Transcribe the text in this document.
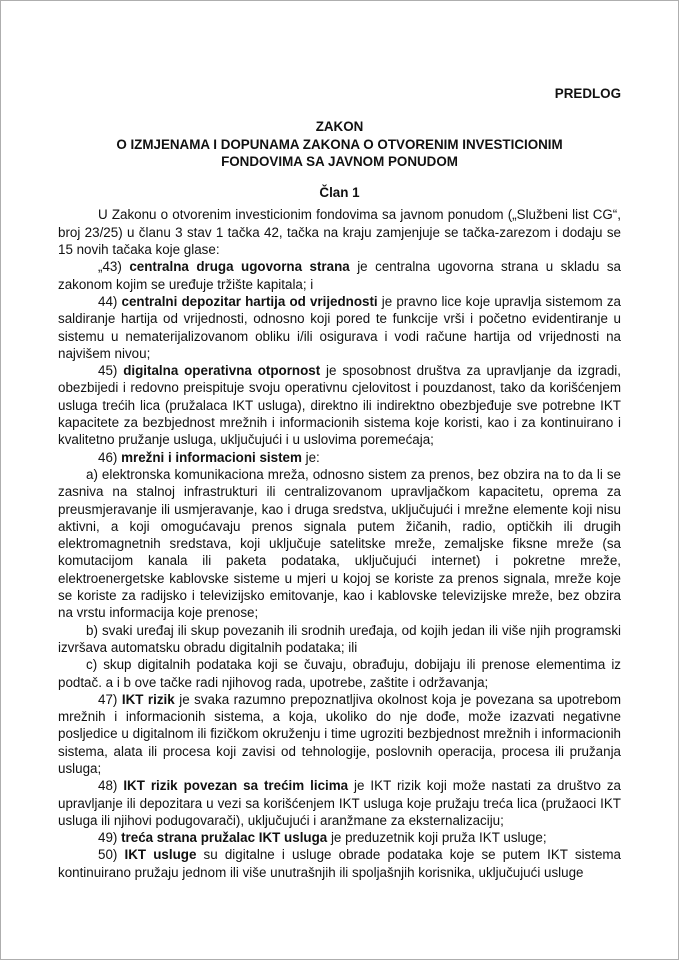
PREDLOG
ZAKON
O IZMJENAMA I DOPUNAMA ZAKONA O OTVORENIM INVESTICIONIM
FONDOVIMA SA JAVNOM PONUDOM
Član 1

U Zakonu o otvorenim investicionim fondovima sa javnom ponudom („Službeni list CG“, broj 23/25) u članu 3 stav 1 tačka 42, tačka na kraju zamjenjuje se tačka-zarezom i dodaju se 15 novih tačaka koje glase:

„43) centralna druga ugovorna strana je centralna ugovorna strana u skladu sa zakonom kojim se uređuje tržište kapitala; i

44) centralni depozitar hartija od vrijednosti je pravno lice koje upravlja sistemom za saldiranje hartija od vrijednosti, odnosno koji pored te funkcije vrši i početno evidentiranje u sistemu u nematerijalizovanom obliku i/ili osigurava i vodi račune hartija od vrijednosti na najvišem nivou;

45) digitalna operativna otpornost je sposobnost društva za upravljanje da izgradi, obezbijedi i redovno preispituje svoju operativnu cjelovitost i pouzdanost, tako da korišćenjem usluga trećih lica (pružalaca IKT usluga), direktno ili indirektno obezbjeđuje sve potrebne IKT kapacitete za bezbjednost mrežnih i informacionih sistema koje koristi, kao i za kontinuirano i kvalitetno pružanje usluga, uključujući i u uslovima poremećaja;

46) mrežni i informacioni sistem je:

a) elektronska komunikaciona mreža, odnosno sistem za prenos, bez obzira na to da li se zasniva na stalnoj infrastrukturi ili centralizovanom upravljačkom kapacitetu, oprema za preusmjeravanje ili usmjeravanje, kao i druga sredstva, uključujući i mrežne elemente koji nisu aktivni, a koji omogućavaju prenos signala putem žičanih, radio, optičkih ili drugih elektromagnetnih sredstava, koji uključuje satelitske mreže, zemaljske fiksne mreže (sa komutacijom kanala ili paketa podataka, uključujući internet) i pokretne mreže, elektroenergetske kablovske sisteme u mjeri u kojoj se koriste za prenos signala, mreže koje se koriste za radijsko i televizijsko emitovanje, kao i kablovske televizijske mreže, bez obzira na vrstu informacija koje prenose;

b) svaki uređaj ili skup povezanih ili srodnih uređaja, od kojih jedan ili više njih programski izvršava automatsku obradu digitalnih podataka; ili

c) skup digitalnih podataka koji se čuvaju, obrađuju, dobijaju ili prenose elementima iz podtač. a i b ove tačke radi njihovog rada, upotrebe, zaštite i održavanja;

47) IKT rizik je svaka razumno prepoznatljiva okolnost koja je povezana sa upotrebom mrežnih i informacionih sistema, a koja, ukoliko do nje dođe, može izazvati negativne posljedice u digitalnom ili fizičkom okruženju i time ugroziti bezbjednost mrežnih i informacionih sistema, alata ili procesa koji zavisi od tehnologije, poslovnih operacija, procesa ili pružanja usluga;

48) IKT rizik povezan sa trećim licima je IKT rizik koji može nastati za društvo za upravljanje ili depozitara u vezi sa korišćenjem IKT usluga koje pružaju treća lica (pružaoci IKT usluga ili njihovi podugovarači), uključujući i aranžmane za eksternalizaciju;

49) treća strana pružalac IKT usluga je preduzetnik koji pruža IKT usluge;

50) IKT usluge su digitalne i usluge obrade podataka koje se putem IKT sistema kontinuirano pružaju jednom ili više unutrašnjih ili spoljašnjih korisnika, uključujući usluge
